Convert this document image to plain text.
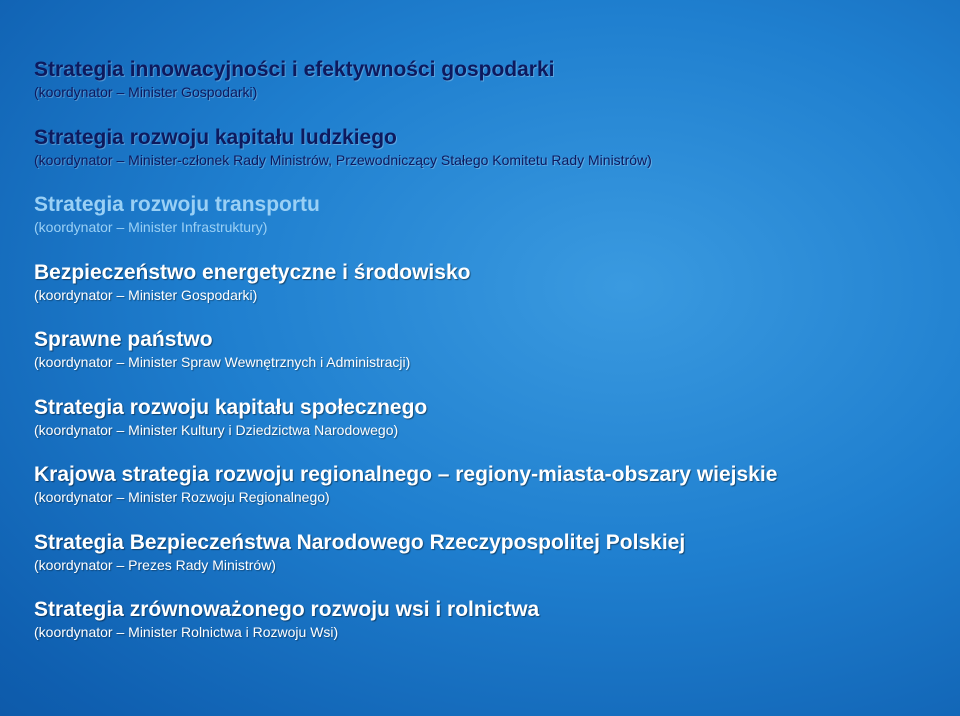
Strategia innowacyjności i efektywności gospodarki
(koordynator – Minister Gospodarki)
Strategia rozwoju kapitału ludzkiego
(koordynator – Minister-członek Rady Ministrów, Przewodniczący Stałego Komitetu Rady Ministrów)
Strategia rozwoju transportu
(koordynator – Minister Infrastruktury)
Bezpieczeństwo energetyczne i środowisko
(koordynator – Minister Gospodarki)
Sprawne państwo
(koordynator – Minister Spraw Wewnętrznych i Administracji)
Strategia rozwoju kapitału społecznego
(koordynator – Minister Kultury i Dziedzictwa Narodowego)
Krajowa strategia rozwoju regionalnego – regiony-miasta-obszary wiejskie
(koordynator – Minister Rozwoju Regionalnego)
Strategia Bezpieczeństwa Narodowego Rzeczypospolitej Polskiej
(koordynator – Prezes Rady Ministrów)
Strategia zrównoważonego rozwoju wsi i rolnictwa
(koordynator – Minister Rolnictwa i Rozwoju Wsi)
